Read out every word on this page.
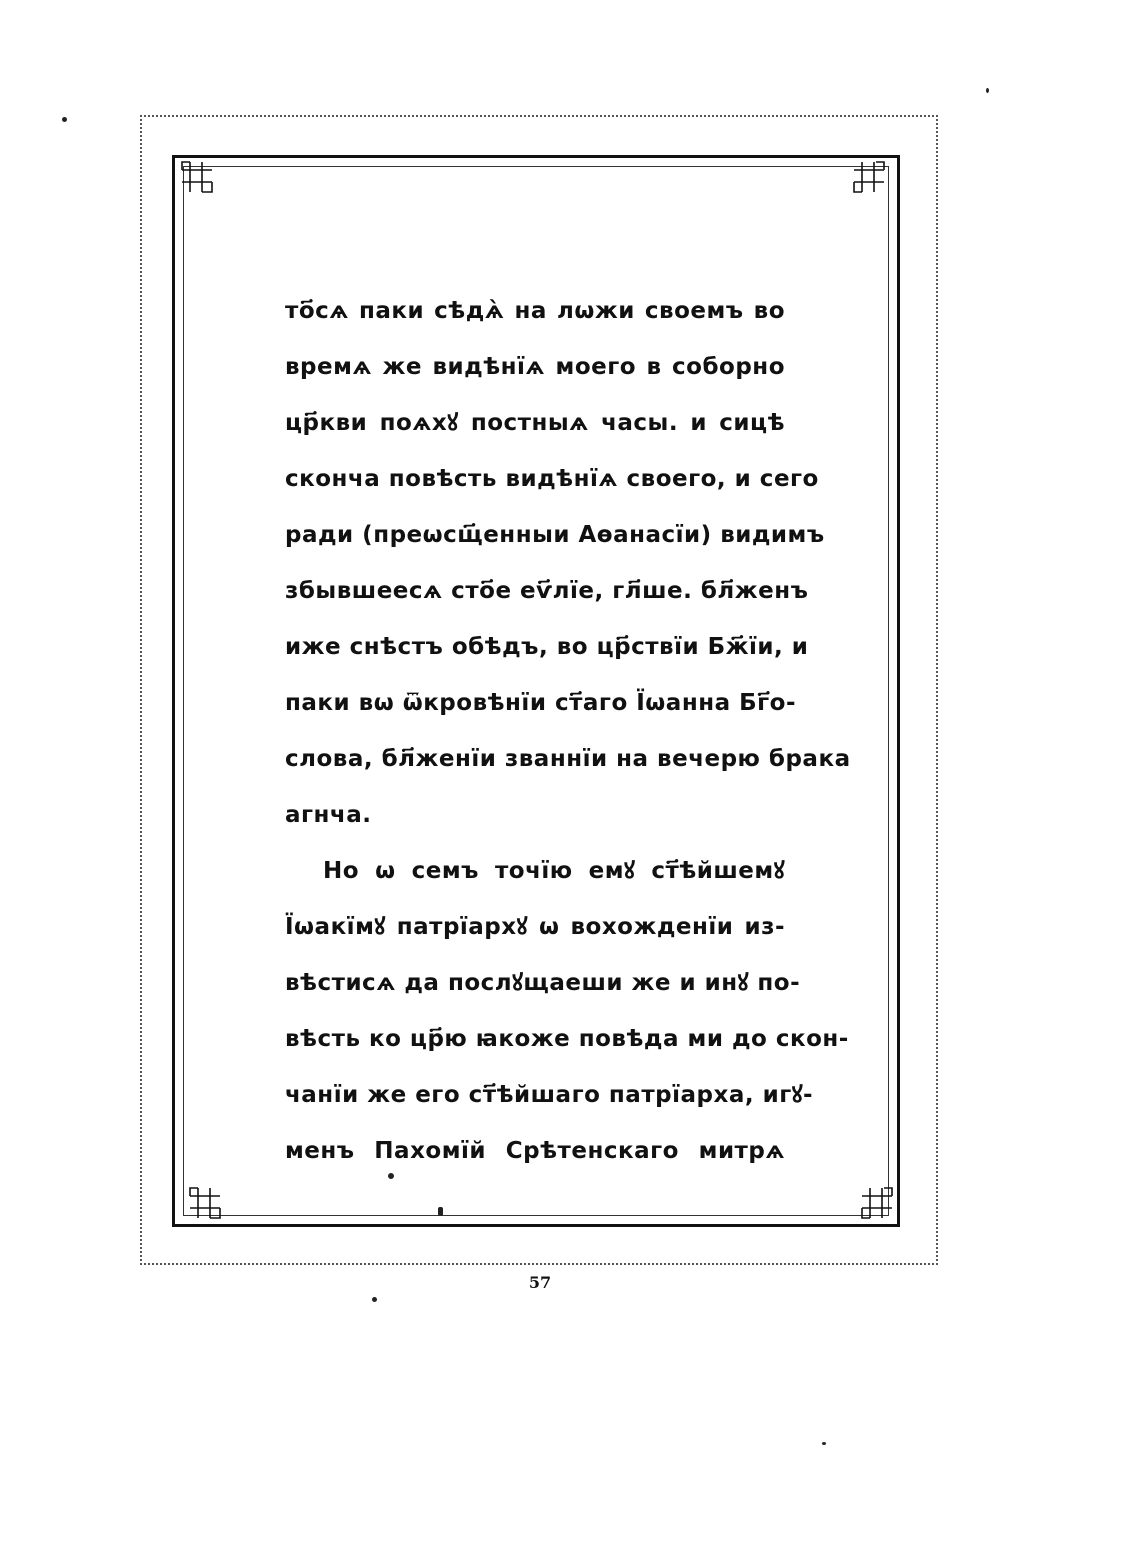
то҃сѧ паки сѣдѧ̀ на лѡжи своемъ во
времѧ же видѣнїѧ моего в соборно
цр҃кви поѧхꙋ постныѧ часы. и сицѣ
сконча повѣсть видѣнїѧ своего, и сего
ради (преѡсщ҃енныи Аѳанасїи) видимъ
збывшеесѧ сто҃е еѵ҃лїе, гл҃ше. бл҃женъ
иже снѣстъ обѣдъ, во цр҃ствїи Бж҃їи, и
паки вѡ ѿкровѣнїи ст҃аго Їѡанна Бг҃о-
слова, бл҃женїи званнїи на вечерю брака
агнча.
Но ѡ семъ точїю емꙋ ст҃ѣйшемꙋ
Їѡакїмꙋ патрїархꙋ ѡ вохожденїи из-
вѣстисѧ да послꙋщаеши же и инꙋ по-
вѣсть ко цр҃ю ꙗкоже повѣда ми до скон-
чанїи же его ст҃ѣйшаго патрїарха, игꙋ-
менъ Пахомїй Срѣтенскаго митрѧ
57
